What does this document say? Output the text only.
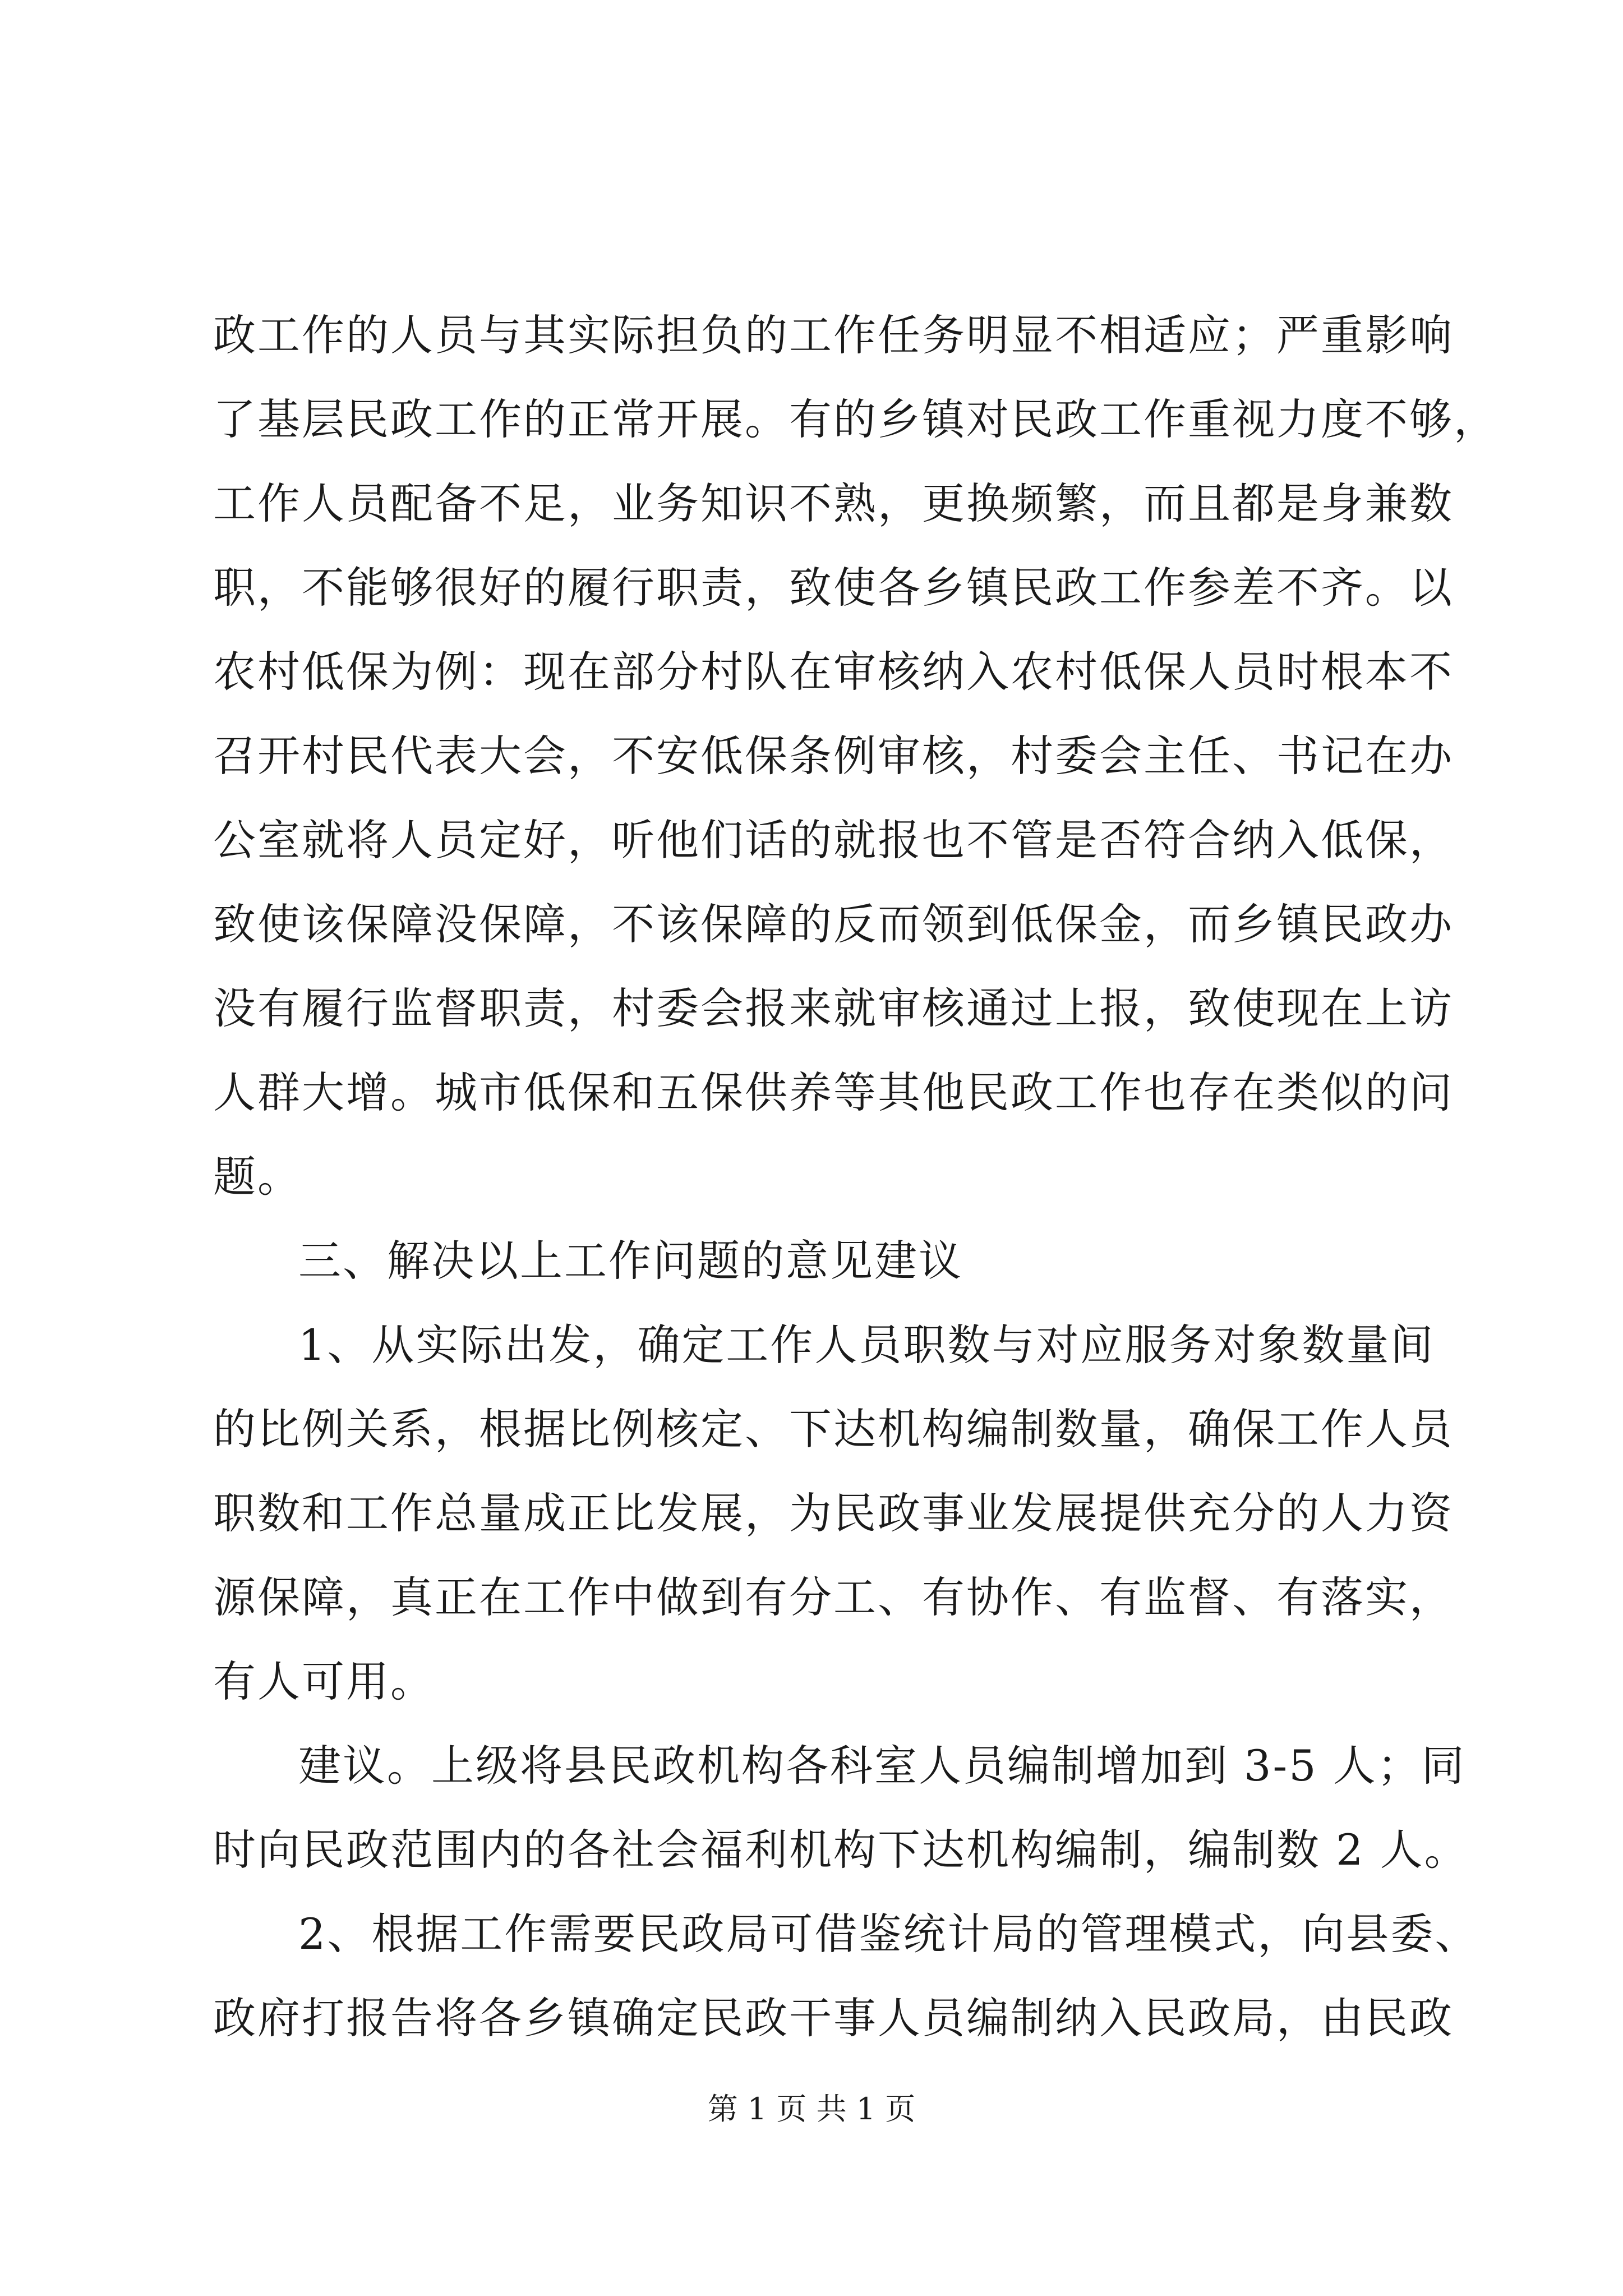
政工作的人员与其实际担负的工作任务明显不相适应；严重影响
了基层民政工作的正常开展。有的乡镇对民政工作重视力度不够，
工作人员配备不足，业务知识不熟，更换频繁，而且都是身兼数
职，不能够很好的履行职责，致使各乡镇民政工作参差不齐。以
农村低保为例：现在部分村队在审核纳入农村低保人员时根本不
召开村民代表大会，不安低保条例审核，村委会主任、书记在办
公室就将人员定好，听他们话的就报也不管是否符合纳入低保，
致使该保障没保障，不该保障的反而领到低保金，而乡镇民政办
没有履行监督职责，村委会报来就审核通过上报，致使现在上访
人群大增。城市低保和五保供养等其他民政工作也存在类似的问
题。
三、解决以上工作问题的意见建议
1、从实际出发，确定工作人员职数与对应服务对象数量间
的比例关系，根据比例核定、下达机构编制数量，确保工作人员
职数和工作总量成正比发展，为民政事业发展提供充分的人力资
源保障，真正在工作中做到有分工、有协作、有监督、有落实，
有人可用。
建议。上级将县民政机构各科室人员编制增加到 3-5 人；同
时向民政范围内的各社会福利机构下达机构编制，编制数 2 人。
2、根据工作需要民政局可借鉴统计局的管理模式，向县委、
政府打报告将各乡镇确定民政干事人员编制纳入民政局，由民政
第 1 页 共 1 页
